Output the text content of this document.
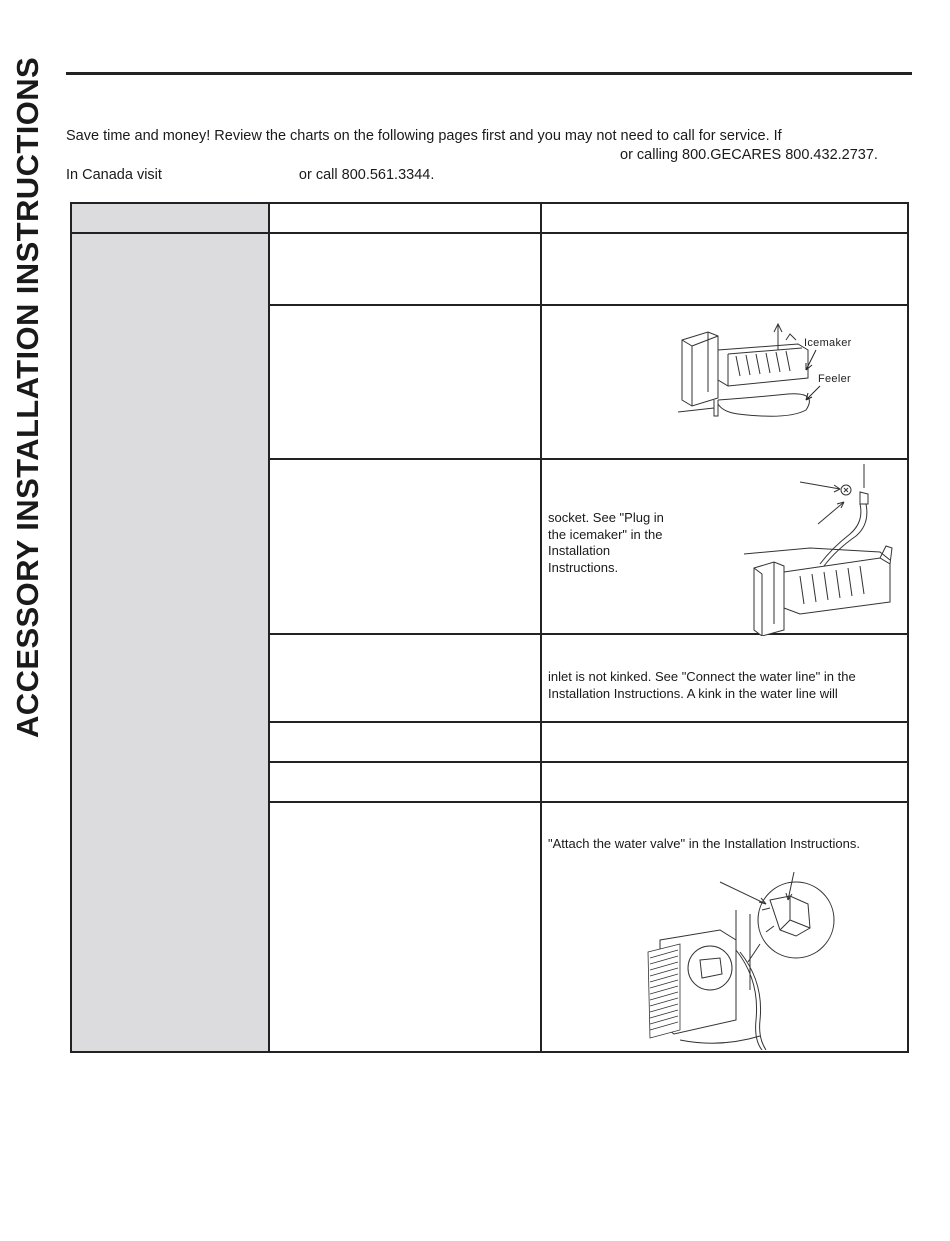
ACCESSORY INSTALLATION INSTRUCTIONS Save time and money! Review the charts on the following pages first and you may not need to call for service. If
or calling 800.GECARES 800.432.2737.
In Canada visit	or call 800.561.3344.
socket. See "Plug in
the icemaker" in the
Installation
Instructions.
inlet is not kinked. See "Connect the water line" in the
Installation Instructions. A kink in the water line will
"Attach the water valve" in the Installation Instructions.
Icemaker
Feeler
